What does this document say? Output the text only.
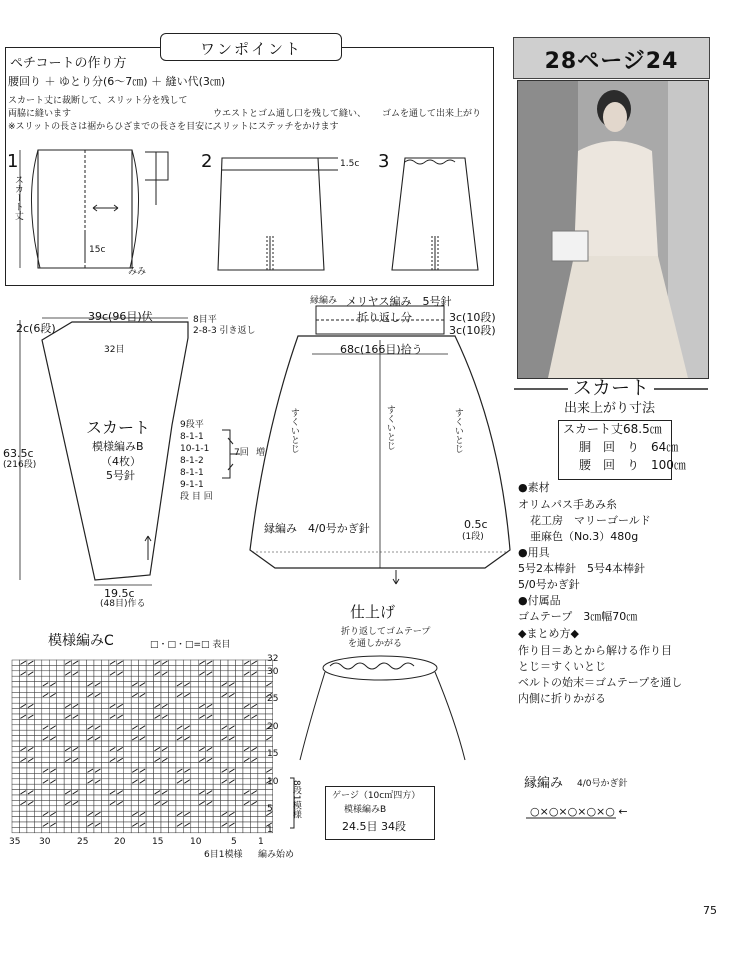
ワンポイント
ペチコートの作り方
腰回り ＋ ゆとり分(6〜7㎝) ＋ 縫い代(3㎝)
スカート丈に裁断して、スリット分を残して
両脇に縫います
※スリットの長さは裾からひざまでの長さを目安に。
ウエストとゴム通し口を残して縫い、
スリットにステッチをかけます
ゴムを通して出来上がり
1	2	3
スカート丈
15c
みみ
1.5c
28ページ24
スカート
出来上がり寸法
スカート丈68.5㎝
胴　回　り　64㎝
腰　回　り　100㎝
●素材
オリムパス手あみ糸
花工房　マリーゴールド
亜麻色（No.3）480g
●用具
5号2本棒針　5号4本棒針
5/0号かぎ針
●付属品
ゴムテープ　3㎝幅70㎝
◆まとめ方◆
作り目＝あとから解ける作り目
とじ＝すくいとじ
ベルトの始末＝ゴムテープを通し
内側に折りかがる
39c(96目)伏
2c(6段)
8目平
2-8-3 引き返し
32目
スカート
模様編みB
（4枚）
5号針
63.5c
(216段)
9段平
8-1-1
10-1-1
8-1-2
8-1-1
9-1-1
段 目 回
7回 増
19.5c
(48目)作る
縁編み メリヤス編み　5号針
折り返し分	3c(10段)
3c(10段)
68c(166目)拾う
すくいとじ	すくいとじ	すくいとじ
縁編み　4/0号かぎ針	0.5c
(1段)
仕上げ
折り返してゴムテープ
を通しかがる
模様編みC	□・□・□=□ 表目
35 30	25	20	15	10	5 1
32
30
25
20
15
10
5
1
8段1模様
6目1模様 編み始め
ゲージ（10c㎡四方）
模様編みB
24.5目 34段
縁編み 4/0号かぎ針
○×○×○×○×○ ←
75
